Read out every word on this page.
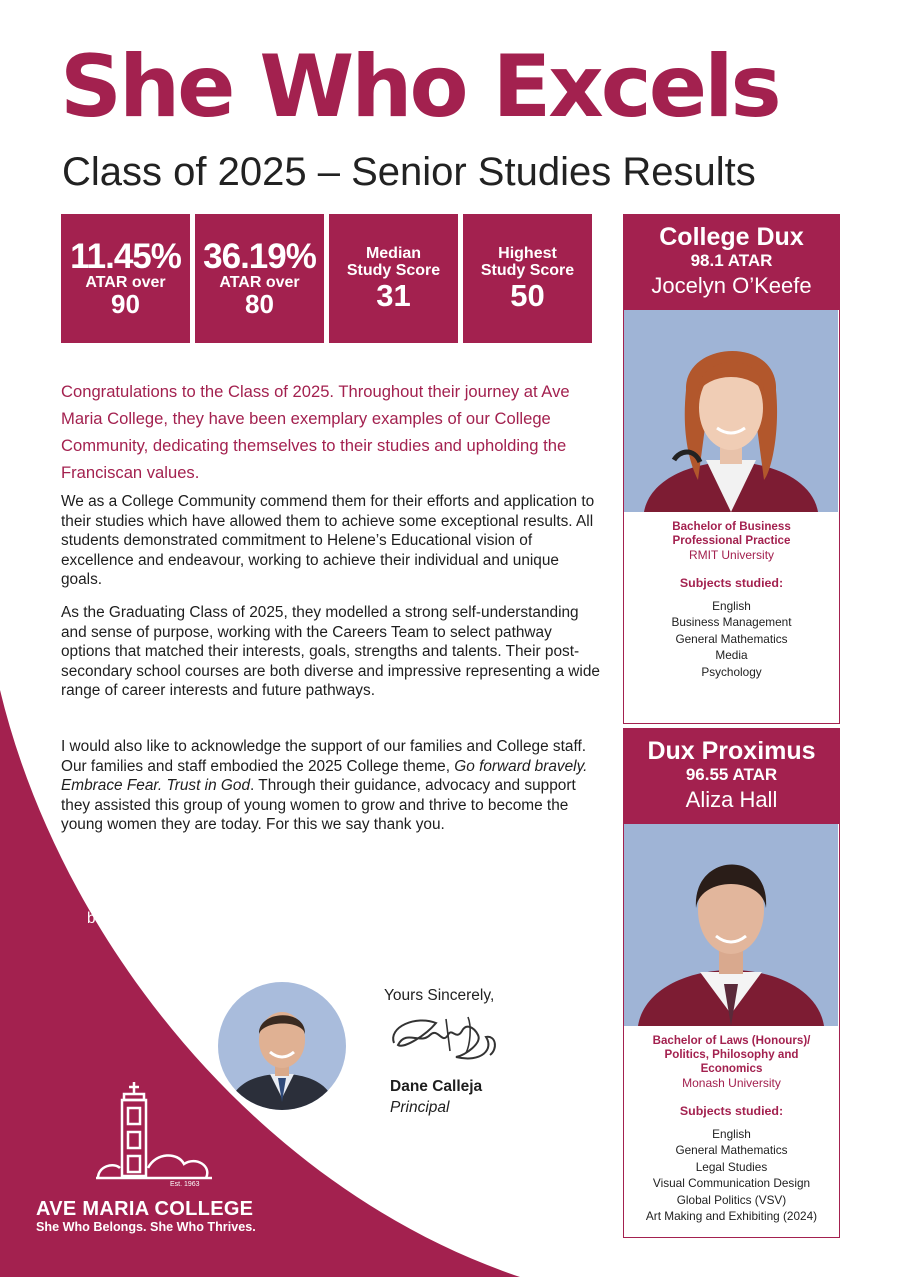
She Who Excels
Class of 2025 – Senior Studies Results
11.45%
ATAR over
90
36.19%
ATAR over
80
Median
Study Score
31
Highest
Study Score
50

Congratulations to the Class of 2025. Throughout their journey at Ave Maria College, they have been exemplary examples of our College Community, dedicating themselves to their studies and upholding the Franciscan values.

We as a College Community commend them for their efforts and application to their studies which have allowed them to achieve some exceptional results. All students demonstrated commitment to Helene’s Educational vision of excellence and endeavour, working to achieve their individual and unique goals.

As the Graduating Class of 2025, they modelled a strong self-understanding and sense of purpose, working with the Careers Team to select pathway options that matched their interests, goals, strengths and talents. Their post-secondary school courses are both diverse and impressive representing a wide range of career interests and future pathways.

I would also like to acknowledge the support of our families and College staff. Our families and staff embodied the 2025 College theme, Go forward bravely. Embrace Fear. Trust in God. Through their guidance, advocacy and support they assisted this group of young women to grow and thrive to become the young women they are today. For this we say thank you.

We wish this group of inspiring young women every success and happiness as they leave the College and enter the wider community, becoming the positive change they want to see in the world.

Yours Sincerely,

Dane Calleja

Principal

Est. 1963

AVE MARIA COLLEGE

She Who Belongs. She Who Thrives.

College Dux
98.1 ATAR
Jocelyn O’Keefe
Bachelor of Business Professional Practice
RMIT University
Subjects studied:
English
Business Management
General Mathematics
Media
Psychology
Dux Proximus
96.55 ATAR
Aliza Hall
Bachelor of Laws (Honours)/ Politics, Philosophy and Economics
Monash University
Subjects studied:
English
General Mathematics
Legal Studies
Visual Communication Design
Global Politics (VSV)
Art Making and Exhibiting (2024)
